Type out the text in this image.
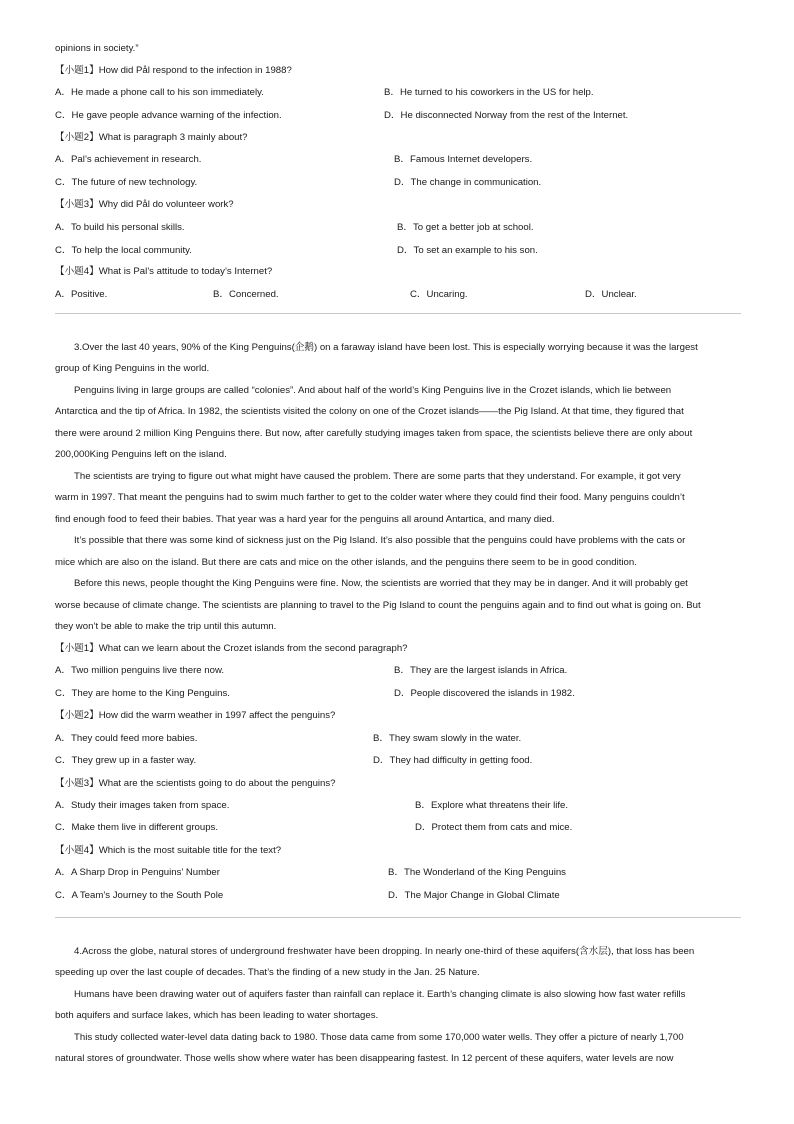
opinions in society.”
【小题1】How did Pål respond to the infection in 1988?
A．He made a phone call to his son immediately.	B．He turned to his coworkers in the US for help.
C．He gave people advance warning of the infection.	D．He disconnected Norway from the rest of the Internet.
【小题2】What is paragraph 3 mainly about?
A．Pal’s achievement in research.	B．Famous Internet developers.
C．The future of new technology.	D．The change in communication.
【小题3】Why did Pål do volunteer work?
A．To build his personal skills.	B．To get a better job at school.
C．To help the local community.	D．To set an example to his son.
【小题4】What is Pal’s attitude to today’s Internet?
A．Positive.	B．Concerned.	C．Uncaring.	D．Unclear.
3.Over the last 40 years, 90% of the King Penguins(企鹅) on a faraway island have been lost. This is especially worrying because it was the largest
group of King Penguins in the world.
Penguins living in large groups are called “colonies”. And about half of the world’s King Penguins live in the Crozet islands, which lie between
Antarctica and the tip of Africa. In 1982, the scientists visited the colony on one of the Crozet islands——the Pig Island. At that time, they figured that
there were around 2 million King Penguins there. But now, after carefully studying images taken from space, the scientists believe there are only about
200,000King Penguins left on the island.
The scientists are trying to figure out what might have caused the problem. There are some parts that they understand. For example, it got very
warm in 1997. That meant the penguins had to swim much farther to get to the colder water where they could find their food. Many penguins couldn’t
find enough food to feed their babies. That year was a hard year for the penguins all around Antartica, and many died.
It’s possible that there was some kind of sickness just on the Pig Island. It’s also possible that the penguins could have problems with the cats or
mice which are also on the island. But there are cats and mice on the other islands, and the penguins there seem to be in good condition.
Before this news, people thought the King Penguins were fine. Now, the scientists are worried that they may be in danger. And it will probably get
worse because of climate change. The scientists are planning to travel to the Pig Island to count the penguins again and to find out what is going on. But
they won’t be able to make the trip until this autumn.
【小题1】What can we learn about the Crozet islands from the second paragraph?
A．Two million penguins live there now.	B．They are the largest islands in Africa.
C．They are home to the King Penguins.	D．People discovered the islands in 1982.
【小题2】How did the warm weather in 1997 affect the penguins?
A．They could feed more babies.	B．They swam slowly in the water.
C．They grew up in a faster way.	D．They had difficulty in getting food.
【小题3】What are the scientists going to do about the penguins?
A．Study their images taken from space.	B．Explore what threatens their life.
C．Make them live in different groups.	D．Protect them from cats and mice.
【小题4】Which is the most suitable title for the text?
A．A Sharp Drop in Penguins’ Number	B．The Wonderland of the King Penguins
C．A Team’s Journey to the South Pole	D．The Major Change in Global Climate
4.Across the globe, natural stores of underground freshwater have been dropping. In nearly one-third of these aquifers(含水层), that loss has been
speeding up over the last couple of decades. That’s the finding of a new study in the Jan. 25 Nature.
Humans have been drawing water out of aquifers faster than rainfall can replace it. Earth’s changing climate is also slowing how fast water refills
both aquifers and surface lakes, which has been leading to water shortages.
This study collected water-level data dating back to 1980. Those data came from some 170,000 water wells. They offer a picture of nearly 1,700
natural stores of groundwater. Those wells show where water has been disappearing fastest. In 12 percent of these aquifers, water levels are now
